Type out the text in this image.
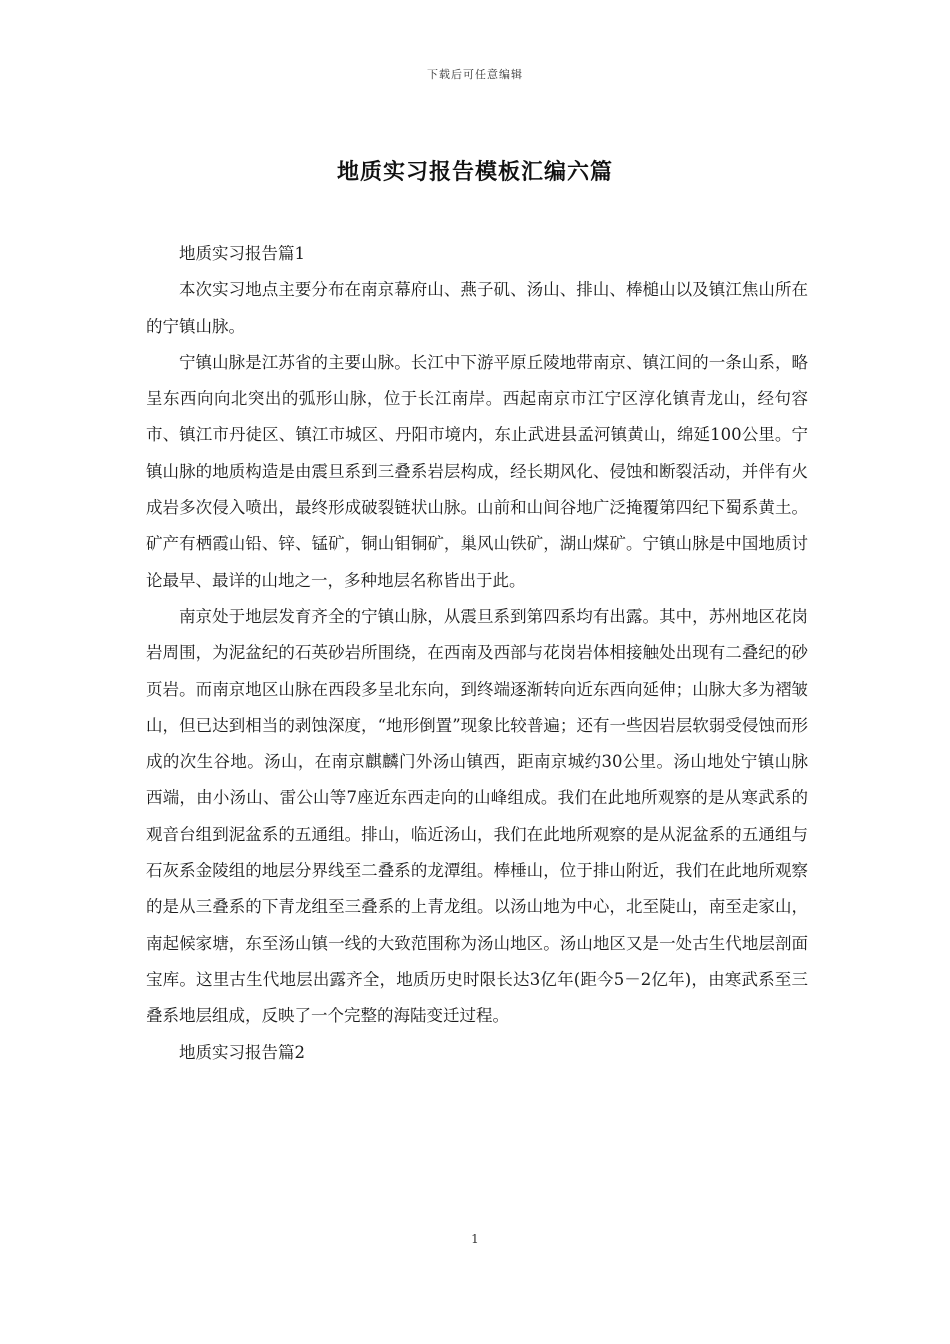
下载后可任意编辑
地质实习报告模板汇编六篇

地质实习报告篇1

本次实习地点主要分布在南京幕府山、燕子矶、汤山、排山、棒槌山以及镇江焦山所在的宁镇山脉。

宁镇山脉是江苏省的主要山脉。长江中下游平原丘陵地带南京、镇江间的一条山系，略呈东西向向北突出的弧形山脉，位于长江南岸。西起南京市江宁区淳化镇青龙山，经句容市、镇江市丹徒区、镇江市城区、丹阳市境内，东止武进县孟河镇黄山，绵延100公里。宁镇山脉的地质构造是由震旦系到三叠系岩层构成，经长期风化、侵蚀和断裂活动，并伴有火成岩多次侵入喷出，最终形成破裂链状山脉。山前和山间谷地广泛掩覆第四纪下蜀系黄土。矿产有栖霞山铅、锌、锰矿，铜山钼铜矿，巢风山铁矿，湖山煤矿。宁镇山脉是中国地质讨论最早、最详的山地之一，多种地层名称皆出于此。

南京处于地层发育齐全的宁镇山脉，从震旦系到第四系均有出露。其中，苏州地区花岗岩周围，为泥盆纪的石英砂岩所围绕，在西南及西部与花岗岩体相接触处出现有二叠纪的砂页岩。而南京地区山脉在西段多呈北东向，到终端逐渐转向近东西向延伸；山脉大多为褶皱山，但已达到相当的剥蚀深度，“地形倒置”现象比较普遍；还有一些因岩层软弱受侵蚀而形成的次生谷地。汤山，在南京麒麟门外汤山镇西，距南京城约30公里。汤山地处宁镇山脉西端，由小汤山、雷公山等7座近东西走向的山峰组成。我们在此地所观察的是从寒武系的观音台组到泥盆系的五通组。排山，临近汤山，我们在此地所观察的是从泥盆系的五通组与石灰系金陵组的地层分界线至二叠系的龙潭组。棒棰山，位于排山附近，我们在此地所观察的是从三叠系的下青龙组至三叠系的上青龙组。以汤山地为中心，北至陡山，南至走家山，南起候家塘，东至汤山镇一线的大致范围称为汤山地区。汤山地区又是一处古生代地层剖面宝库。这里古生代地层出露齐全，地质历史时限长达3亿年(距今5－2亿年)，由寒武系至三叠系地层组成，反映了一个完整的海陆变迁过程。

地质实习报告篇2

1
